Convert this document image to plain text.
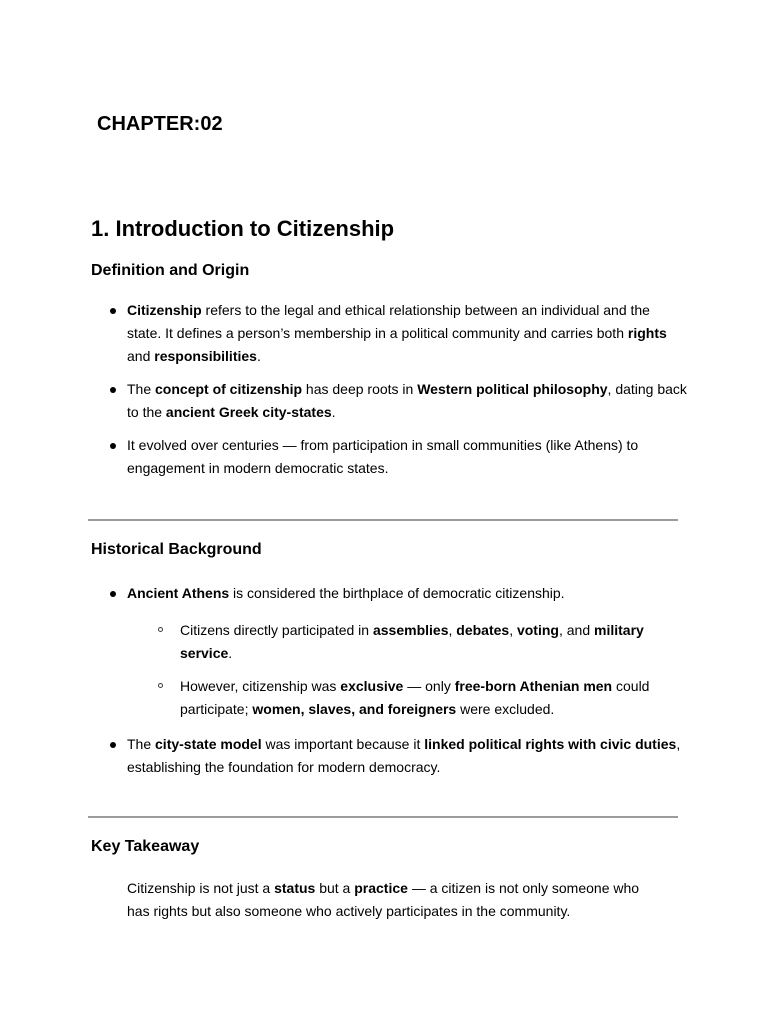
CHAPTER:02
1. Introduction to Citizenship
Definition and Origin
Citizenship refers to the legal and ethical relationship between an individual and the state. It defines a person’s membership in a political community and carries both rights and responsibilities.
The concept of citizenship has deep roots in Western political philosophy, dating back to the ancient Greek city-states.
It evolved over centuries — from participation in small communities (like Athens) to engagement in modern democratic states.
Historical Background
Ancient Athens is considered the birthplace of democratic citizenship.
Citizens directly participated in assemblies, debates, voting, and military service.
However, citizenship was exclusive — only free-born Athenian men could participate; women, slaves, and foreigners were excluded.
The city-state model was important because it linked political rights with civic duties, establishing the foundation for modern democracy.
Key Takeaway
Citizenship is not just a status but a practice — a citizen is not only someone who has rights but also someone who actively participates in the community.
